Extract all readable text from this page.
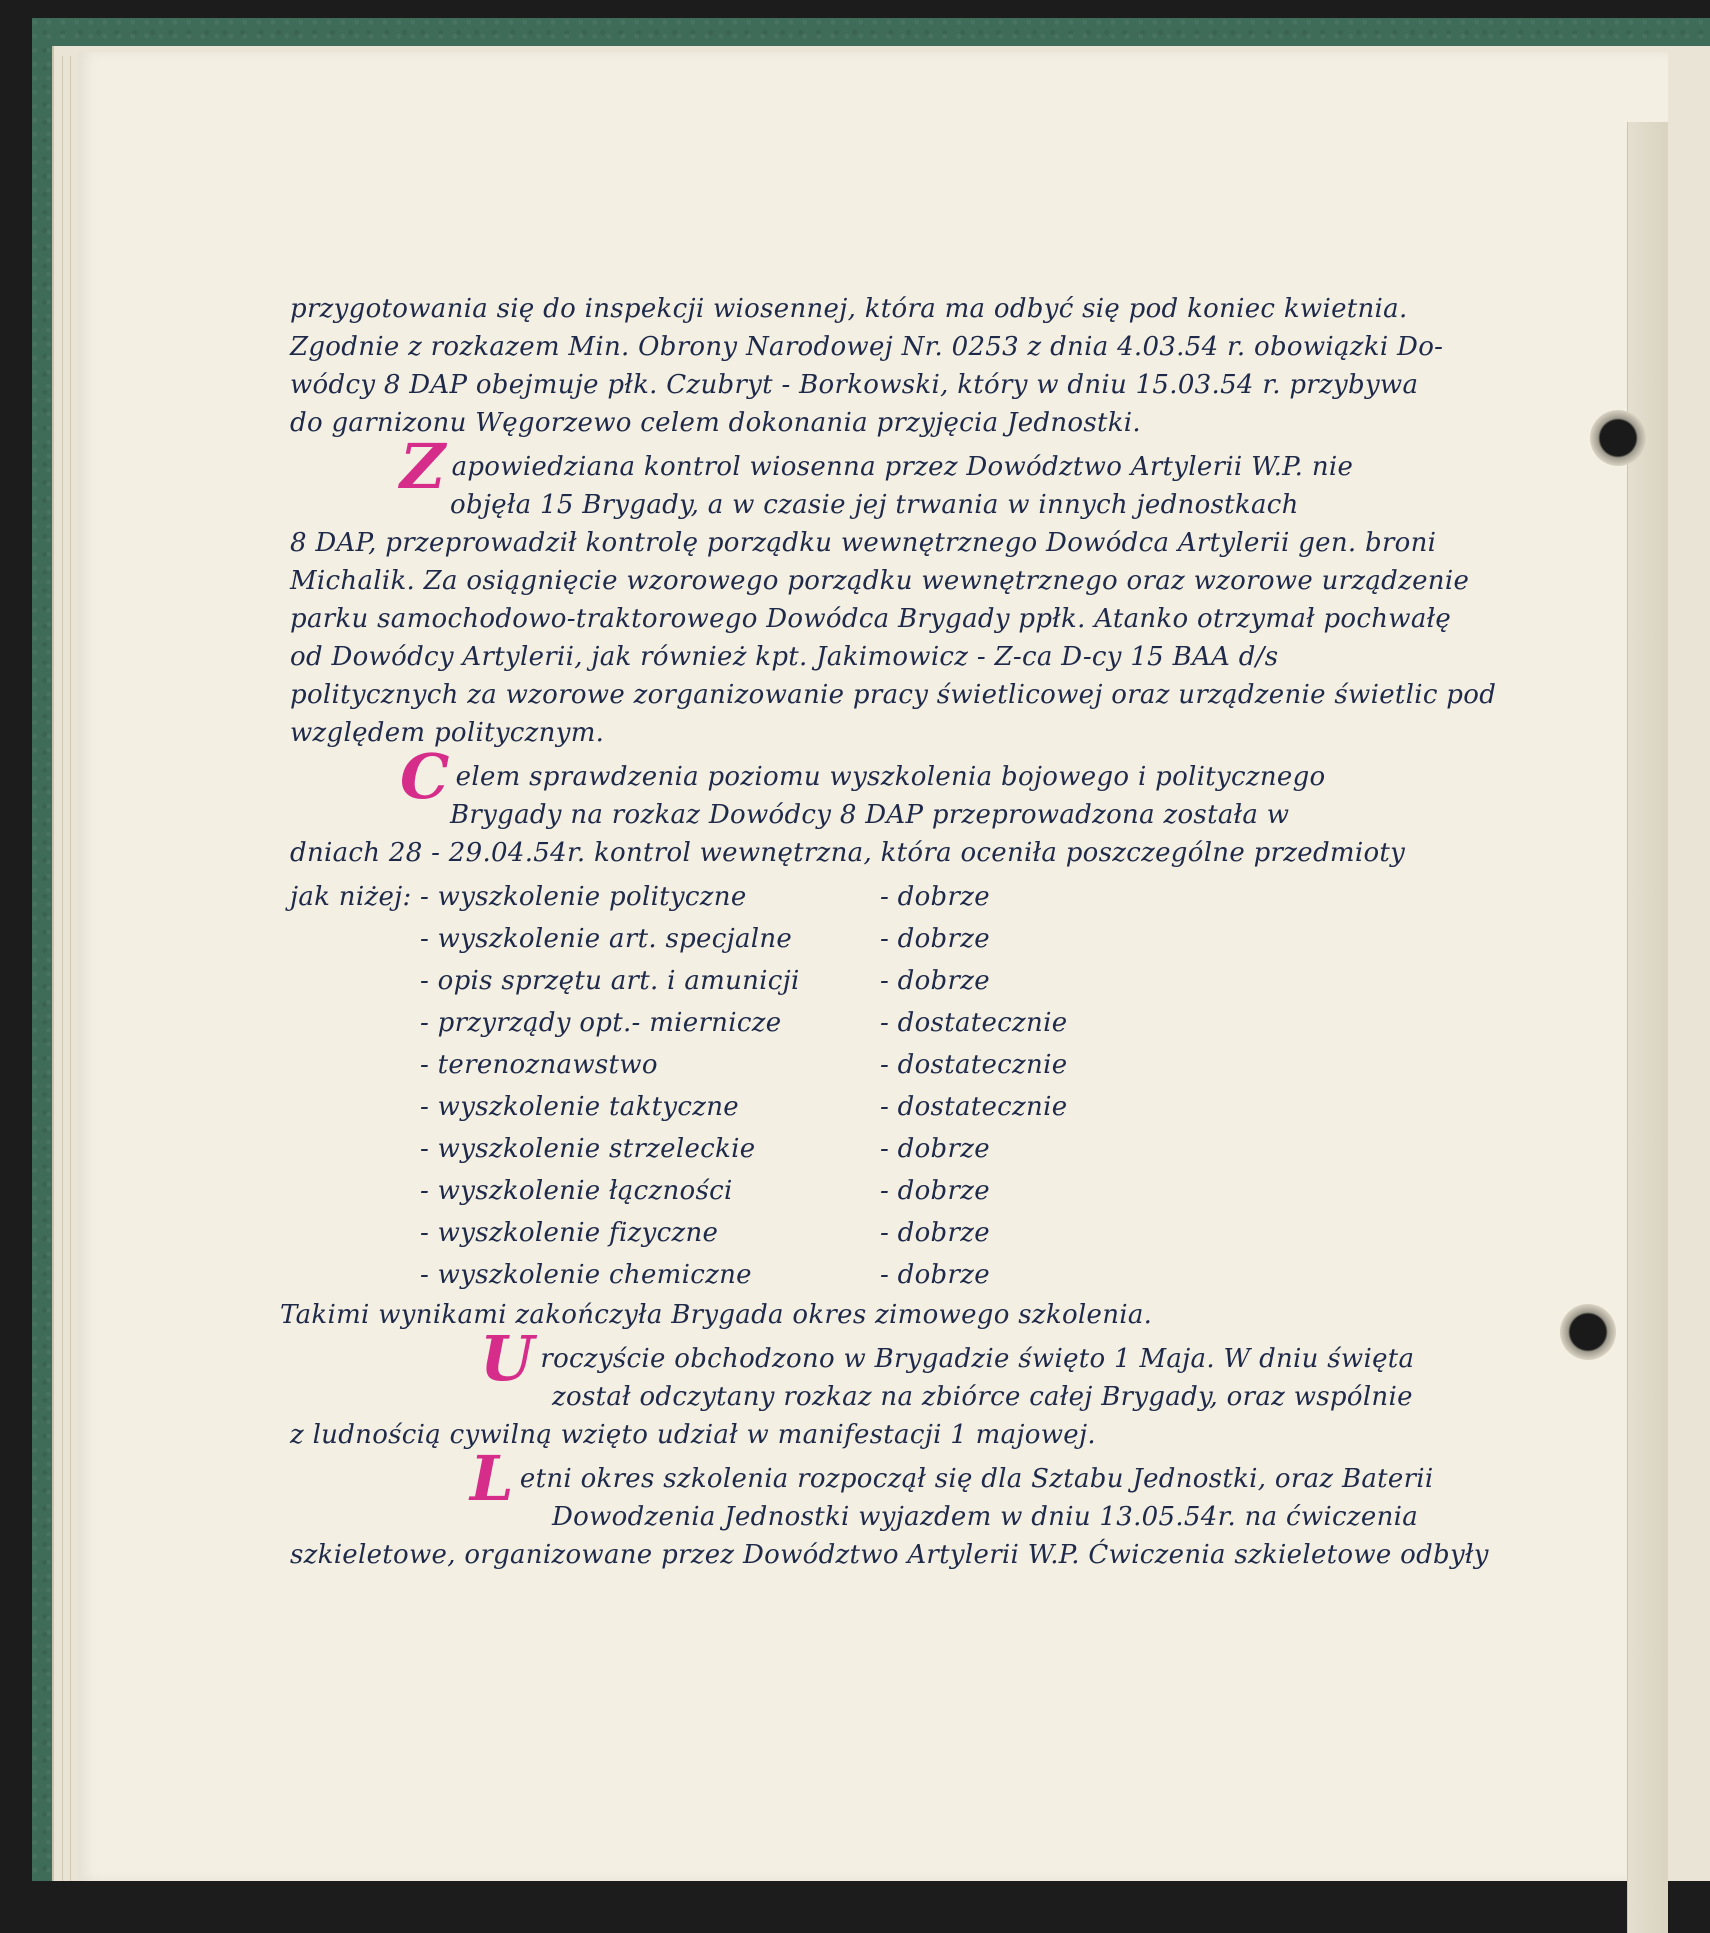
przygotowania się do inspekcji wiosennej, która ma odbyć się pod koniec kwietnia.
Zgodnie z rozkazem Min. Obrony Narodowej Nr. 0253 z dnia 4.03.54 r. obowiązki Do-
wódcy 8 DAP obejmuje płk. Czubryt - Borkowski, który w dniu 15.03.54 r. przybywa
do garnizonu Węgorzewo celem dokonania przyjęcia Jednostki.
Zapowiedziana kontrol wiosenna przez Dowództwo Artylerii W.P. nie
objęła 15 Brygady, a w czasie jej trwania w innych jednostkach
8 DAP, przeprowadził kontrolę porządku wewnętrznego Dowódca Artylerii gen. broni
Michalik. Za osiągnięcie wzorowego porządku wewnętrznego oraz wzorowe urządzenie
parku samochodowo-traktorowego Dowódca Brygady ppłk. Atanko otrzymał pochwałę
od Dowódcy Artylerii, jak również kpt. Jakimowicz - Z-ca D-cy 15 BAA d/s
politycznych za wzorowe zorganizowanie pracy świetlicowej oraz urządzenie świetlic pod
względem politycznym.
Celem sprawdzenia poziomu wyszkolenia bojowego i politycznego
Brygady na rozkaz Dowódcy 8 DAP przeprowadzona została w
dniach 28 - 29.04.54r. kontrol wewnętrzna, która oceniła poszczególne przedmioty
jak niżej: - wyszkolenie polityczne	- dobrze
- wyszkolenie art. specjalne	- dobrze
- opis sprzętu art. i amunicji	- dobrze
- przyrządy opt.- miernicze	- dostatecznie
- terenoznawstwo	- dostatecznie
- wyszkolenie taktyczne	- dostatecznie
- wyszkolenie strzeleckie	- dobrze
- wyszkolenie łączności	- dobrze
- wyszkolenie fizyczne	- dobrze
- wyszkolenie chemiczne	- dobrze
Takimi wynikami zakończyła Brygada okres zimowego szkolenia.
Uroczyście obchodzono w Brygadzie święto 1 Maja. W dniu święta
został odczytany rozkaz na zbiórce całej Brygady, oraz wspólnie
z ludnością cywilną wzięto udział w manifestacji 1 majowej.
Letni okres szkolenia rozpoczął się dla Sztabu Jednostki, oraz Baterii
Dowodzenia Jednostki wyjazdem w dniu 13.05.54r. na ćwiczenia
szkieletowe, organizowane przez Dowództwo Artylerii W.P. Ćwiczenia szkieletowe odbyły
